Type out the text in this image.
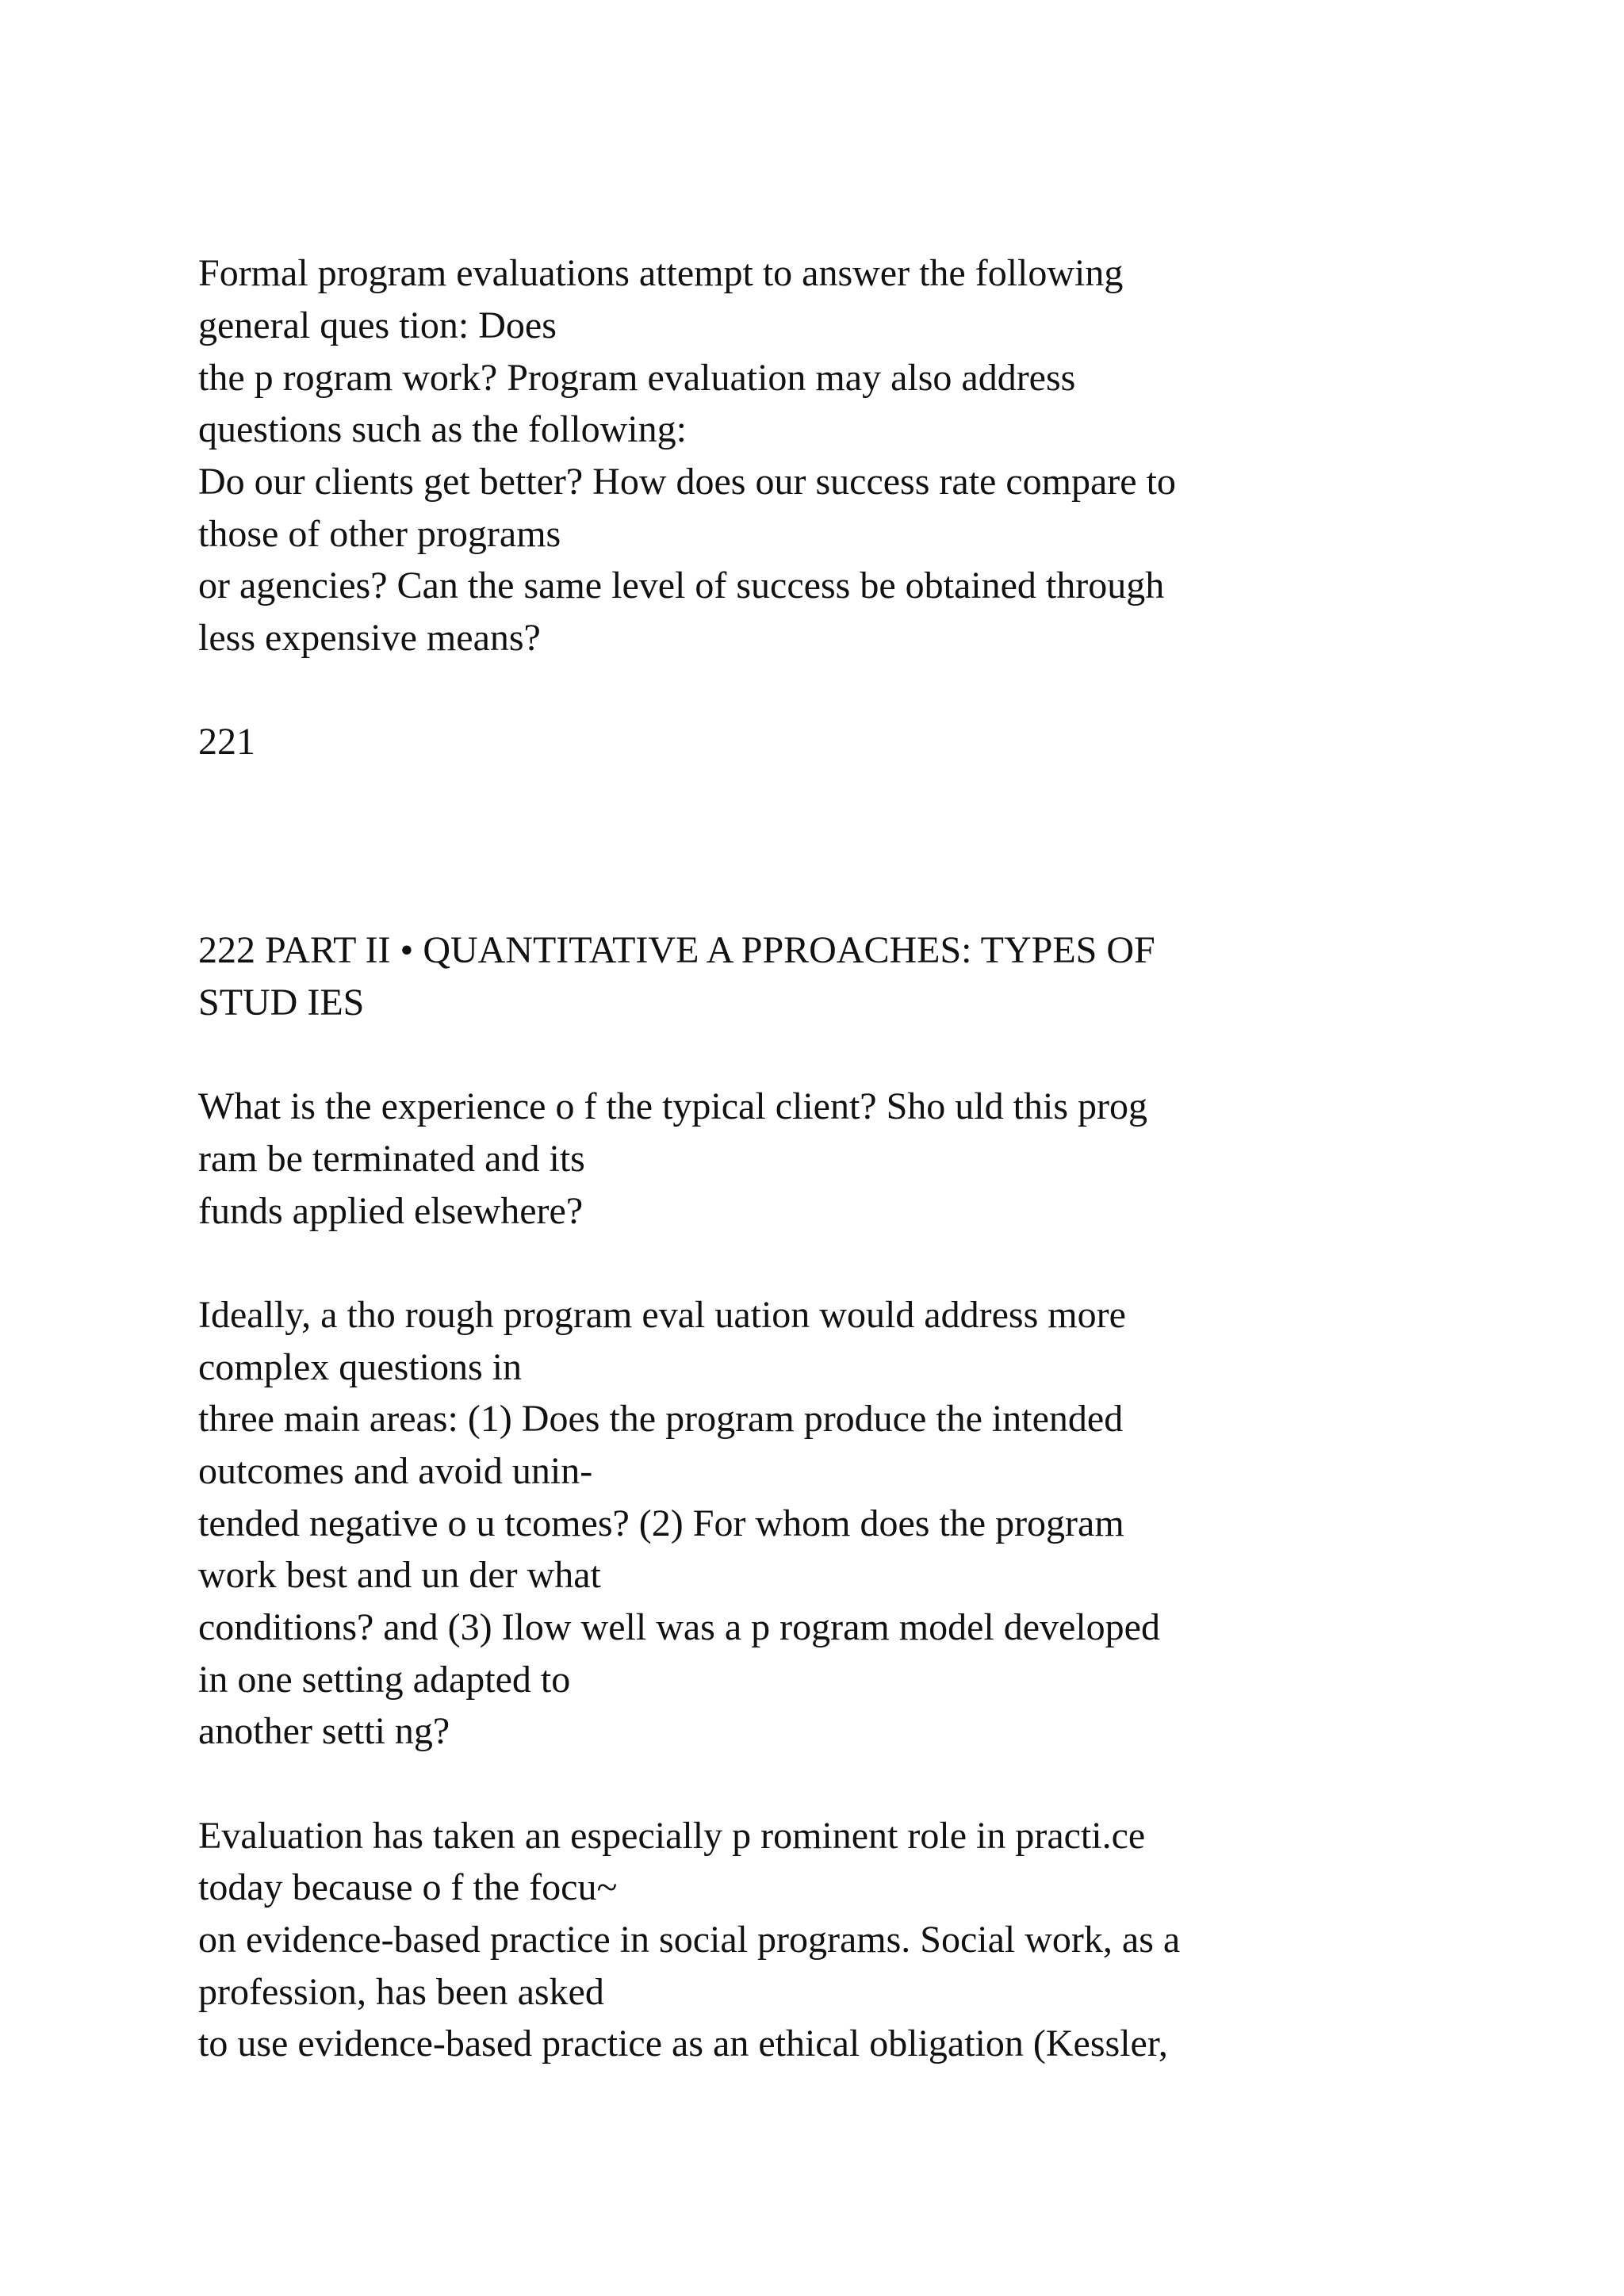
Formal program evaluations attempt to answer the following

general ques tion: Does

the p rogram work? Program evaluation may also address

questions such as the following:

Do our clients get better? How does our success rate compare to

those of other programs

or agencies? Can the same level of success be obtained through

less expensive means?

221

222 PART II • QUANTITATIVE A PPROACHES: TYPES OF

STUD IES

What is the experience o f the typical client? Sho uld this prog

ram be terminated and its

funds applied elsewhere?

Ideally, a tho rough program eval uation would address more

complex questions in

three main areas: (1) Does the program produce the intended

outcomes and avoid unin-

tended negative o u tcomes? (2) For whom does the program

work best and un der what

conditions? and (3) Ilow well was a p rogram model developed

in one setting adapted to

another setti ng?

Evaluation has taken an especially p rominent role in practi.ce

today because o f the focu~

on evidence-based practice in social programs. Social work, as a

profession, has been asked

to use evidence-based practice as an ethical obligation (Kessler,
